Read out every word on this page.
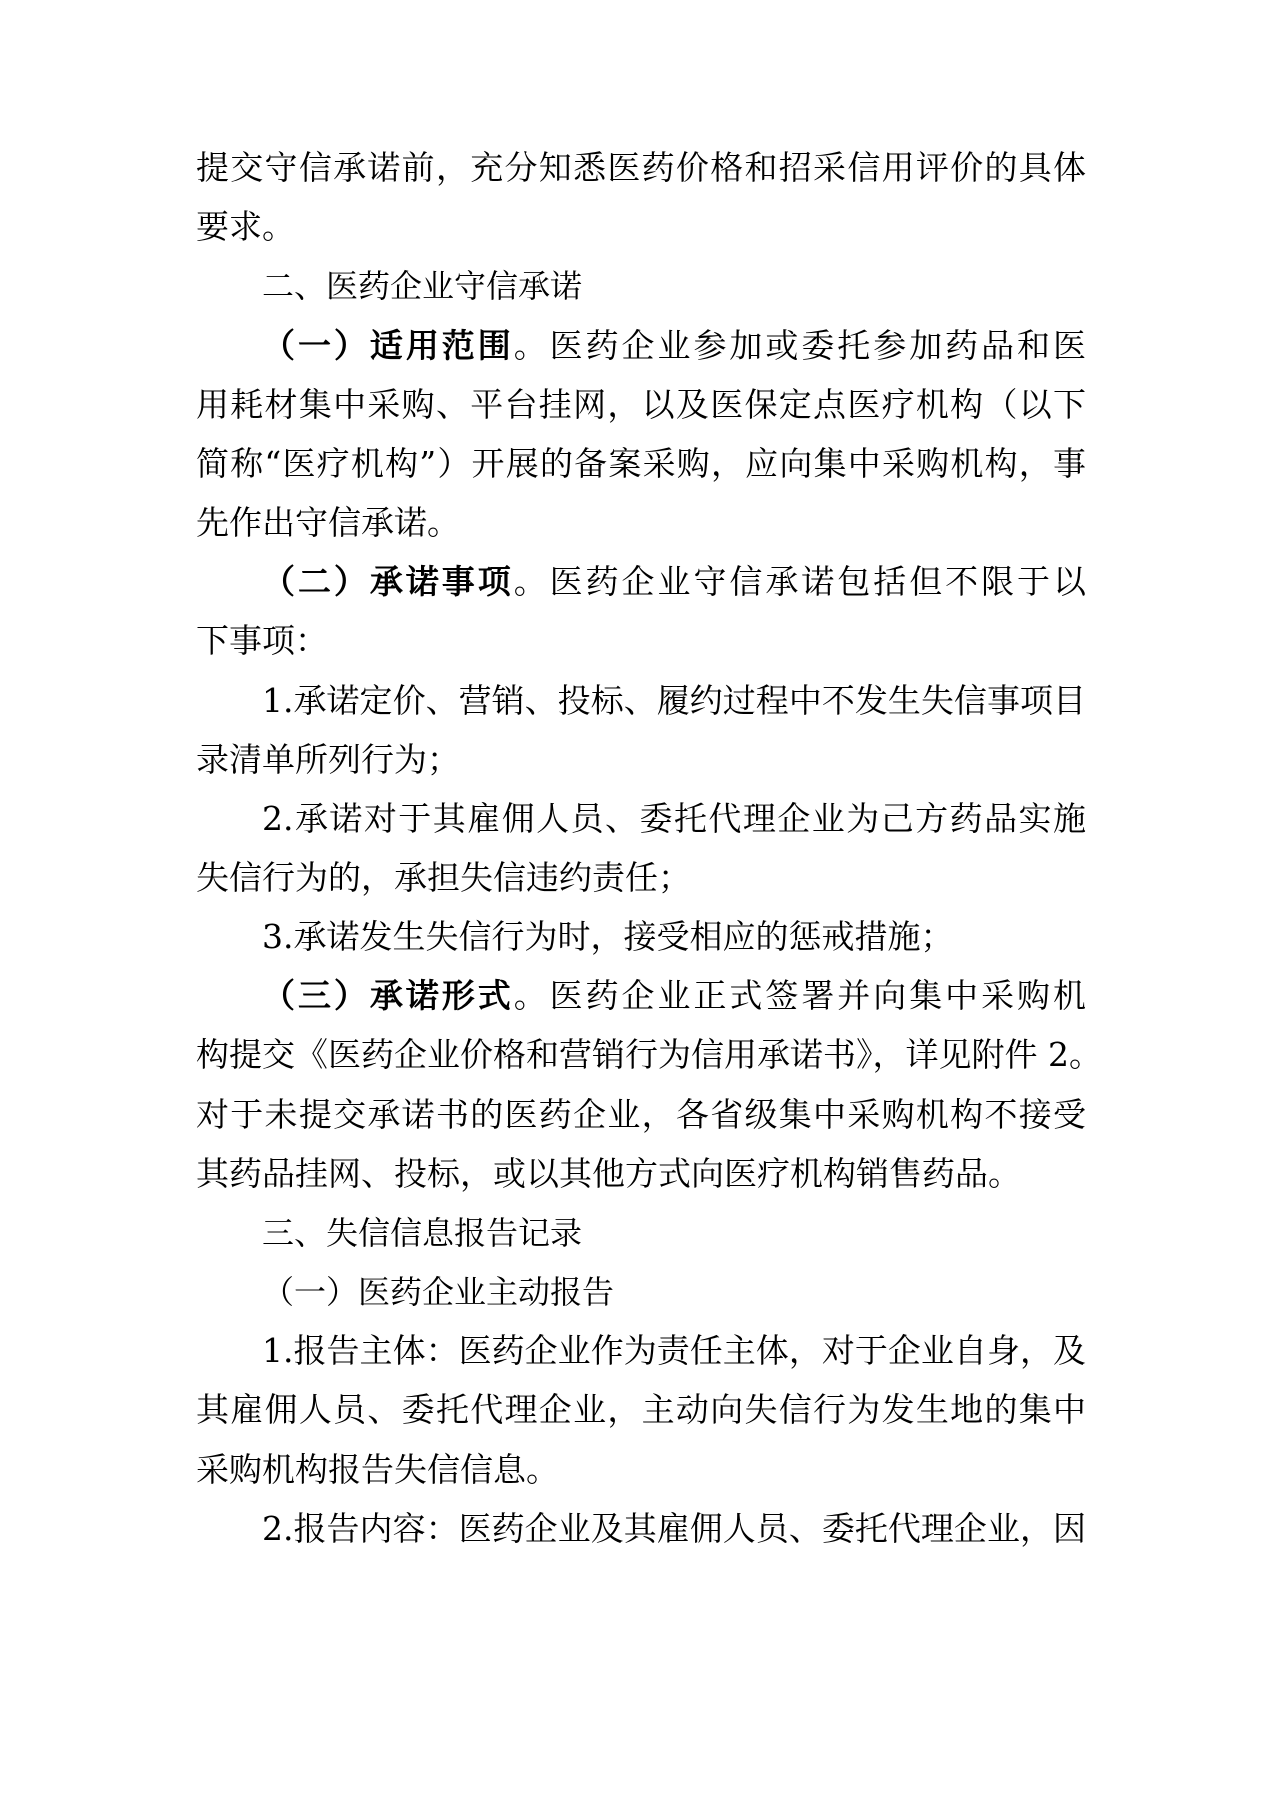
提交守信承诺前，充分知悉医药价格和招采信用评价的具体
要求。
二、医药企业守信承诺
（一）适用范围。医药企业参加或委托参加药品和医
用耗材集中采购、平台挂网，以及医保定点医疗机构（以下
简称“医疗机构”）开展的备案采购，应向集中采购机构，事
先作出守信承诺。
（二）承诺事项。医药企业守信承诺包括但不限于以
下事项：
1.承诺定价、营销、投标、履约过程中不发生失信事项目
录清单所列行为；
2.承诺对于其雇佣人员、委托代理企业为己方药品实施
失信行为的，承担失信违约责任；
3.承诺发生失信行为时，接受相应的惩戒措施；
（三）承诺形式。医药企业正式签署并向集中采购机
构提交《医药企业价格和营销行为信用承诺书》，详见附件 2。
对于未提交承诺书的医药企业，各省级集中采购机构不接受
其药品挂网、投标，或以其他方式向医疗机构销售药品。
三、失信信息报告记录
（一）医药企业主动报告
1.报告主体：医药企业作为责任主体，对于企业自身，及
其雇佣人员、委托代理企业，主动向失信行为发生地的集中
采购机构报告失信信息。
2.报告内容：医药企业及其雇佣人员、委托代理企业，因
